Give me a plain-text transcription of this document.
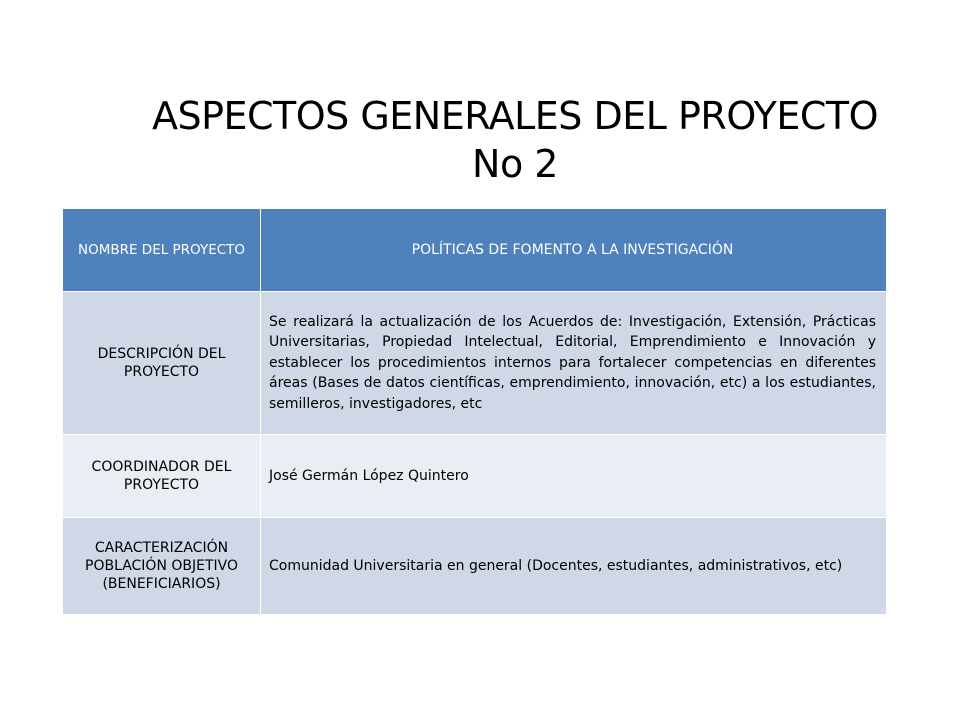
ASPECTOS GENERALES DEL PROYECTO
No 2
NOMBRE DEL PROYECTO	POLÍTICAS DE FOMENTO A LA INVESTIGACIÓN

DESCRIPCIÓN DEL PROYECTO	Se realizará la actualización de los Acuerdos de: Investigación, Extensión, Prácticas Universitarias, Propiedad Intelectual, Editorial, Emprendimiento e Innovación y establecer los procedimientos internos para fortalecer competencias en diferentes áreas (Bases de datos científicas, emprendimiento, innovación, etc) a los estudiantes, semilleros, investigadores, etc

COORDINADOR DEL PROYECTO	José Germán López Quintero

CARACTERIZACIÓN POBLACIÓN OBJETIVO (BENEFICIARIOS)	Comunidad Universitaria en general (Docentes, estudiantes, administrativos, etc)
